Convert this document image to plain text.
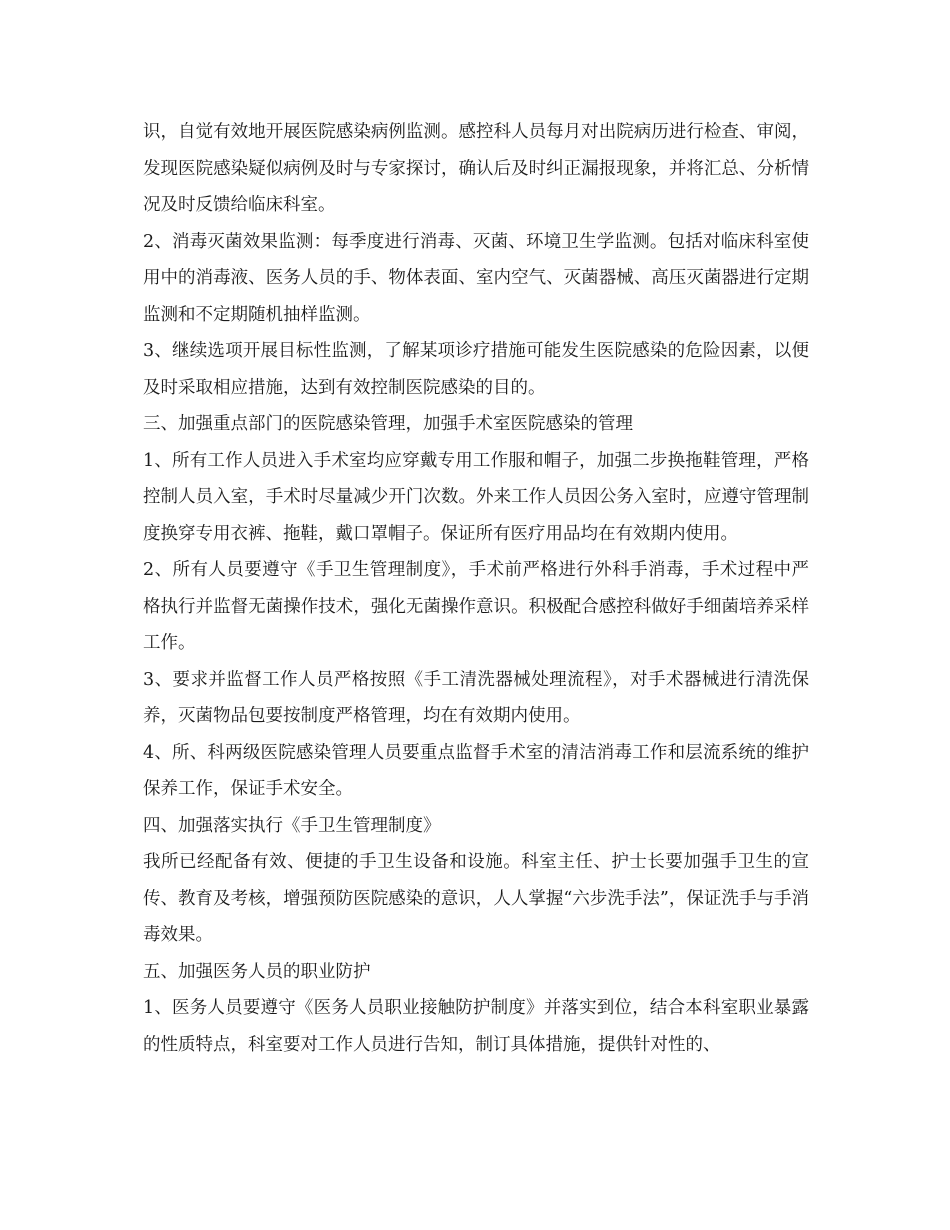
识，自觉有效地开展医院感染病例监测。感控科人员每月对出院病历进行检查、审阅，发现医院感染疑似病例及时与专家探讨，确认后及时纠正漏报现象，并将汇总、分析情况及时反馈给临床科室。

2、消毒灭菌效果监测：每季度进行消毒、灭菌、环境卫生学监测。包括对临床科室使用中的消毒液、医务人员的手、物体表面、室内空气、灭菌器械、高压灭菌器进行定期监测和不定期随机抽样监测。

3、继续选项开展目标性监测，了解某项诊疗措施可能发生医院感染的危险因素，以便及时采取相应措施，达到有效控制医院感染的目的。

三、加强重点部门的医院感染管理，加强手术室医院感染的管理

1、所有工作人员进入手术室均应穿戴专用工作服和帽子，加强二步换拖鞋管理，严格控制人员入室，手术时尽量减少开门次数。外来工作人员因公务入室时，应遵守管理制度换穿专用衣裤、拖鞋，戴口罩帽子。保证所有医疗用品均在有效期内使用。

2、所有人员要遵守《手卫生管理制度》，手术前严格进行外科手消毒，手术过程中严格执行并监督无菌操作技术，强化无菌操作意识。积极配合感控科做好手细菌培养采样工作。

3、要求并监督工作人员严格按照《手工清洗器械处理流程》，对手术器械进行清洗保养，灭菌物品包要按制度严格管理，均在有效期内使用。

4、所、科两级医院感染管理人员要重点监督手术室的清洁消毒工作和层流系统的维护保养工作，保证手术安全。

四、加强落实执行《手卫生管理制度》

我所已经配备有效、便捷的手卫生设备和设施。科室主任、护士长要加强手卫生的宣传、教育及考核，增强预防医院感染的意识，人人掌握“六步洗手法”，保证洗手与手消毒效果。

五、加强医务人员的职业防护

1、医务人员要遵守《医务人员职业接触防护制度》并落实到位，结合本科室职业暴露的性质特点，科室要对工作人员进行告知，制订具体措施，提供针对性的、
